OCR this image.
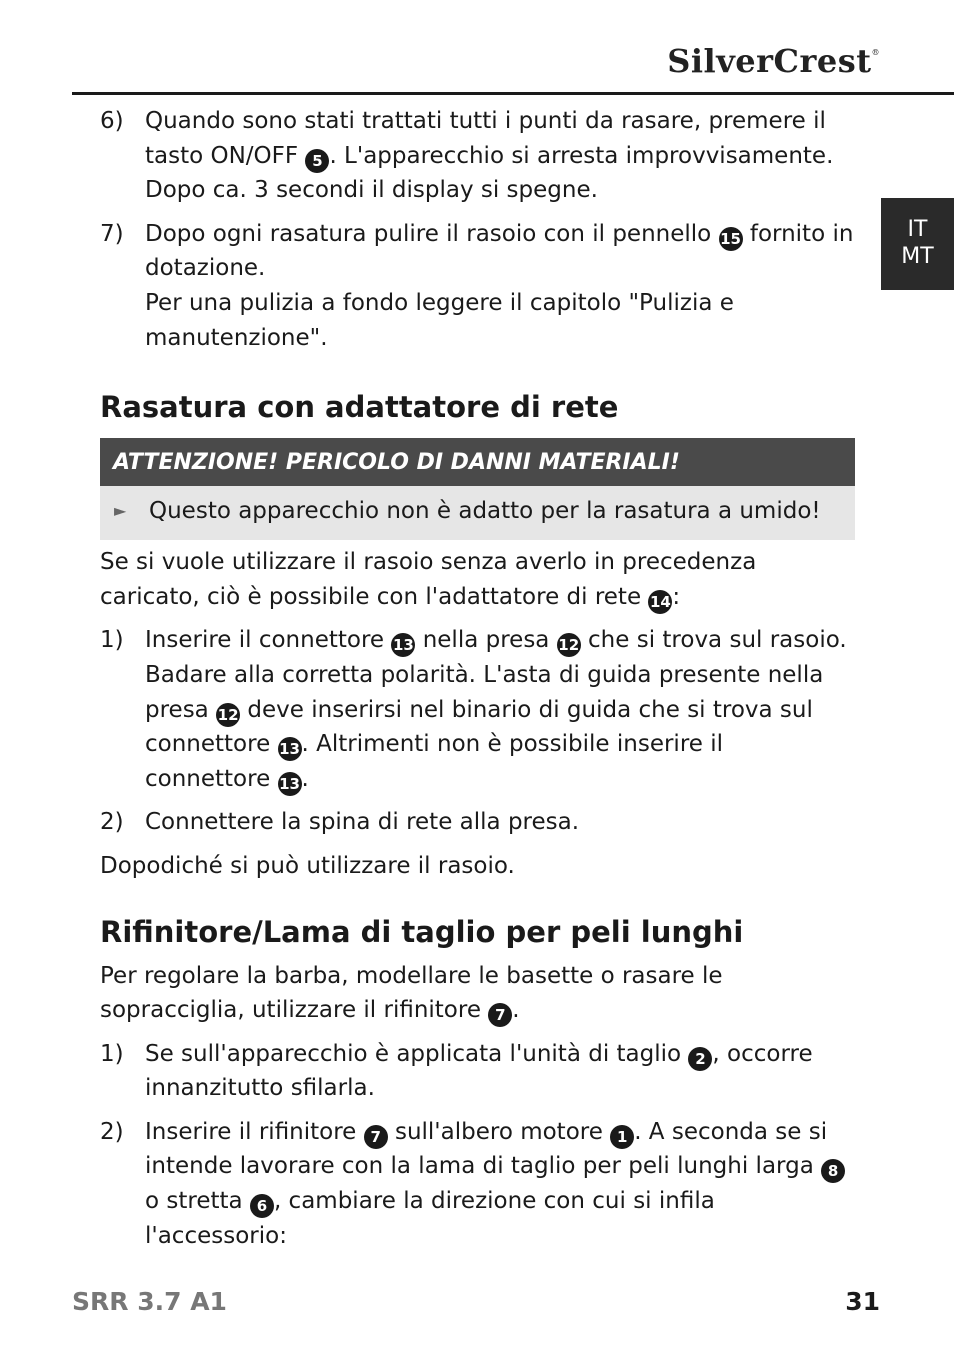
SilverCrest®
IT
MT

6) Quando sono stati trattati tutti i punti da rasare, premere il tasto ON/OFF 5 . L'apparecchio si arresta improvvisamente. Dopo ca. 3 secondi il display si spegne.

7) Dopo ogni rasatura pulire il rasoio con il pennello 15 fornito in dotazione.
Per una pulizia a fondo leggere il capitolo "Pulizia e manutenzione".

Rasatura con adattatore di rete
ATTENZIONE! PERICOLO DI DANNI MATERIALI!
► Questo apparecchio non è adatto per la rasatura a umido!

Se si vuole utilizzare il rasoio senza averlo in precedenza caricato, ciò è possibile con l'adattatore di rete 14:

1) Inserire il connettore 13 nella presa 12 che si trova sul rasoio. Badare alla corretta polarità. L'asta di guida presente nella presa 12 deve inserirsi nel binario di guida che si trova sul connettore 13. Altrimenti non è possibile inserire il connettore 13.

2) Connettere la spina di rete alla presa.

Dopodiché si può utilizzare il rasoio.

Rifinitore/Lama di taglio per peli lunghi

Per regolare la barba, modellare le basette o rasare le sopracciglia, utilizzare il rifinitore 7 .

1) Se sull'apparecchio è applicata l'unità di taglio 2 , occorre innanzitutto sfilarla.

2) Inserire il rifinitore 7 sull'albero motore 1 . A seconda se si intende lavorare con la lama di taglio per peli lunghi larga 8 o stretta 6 , cambiare la direzione con cui si infila l'accessorio:

SRR 3.7 A1	31
